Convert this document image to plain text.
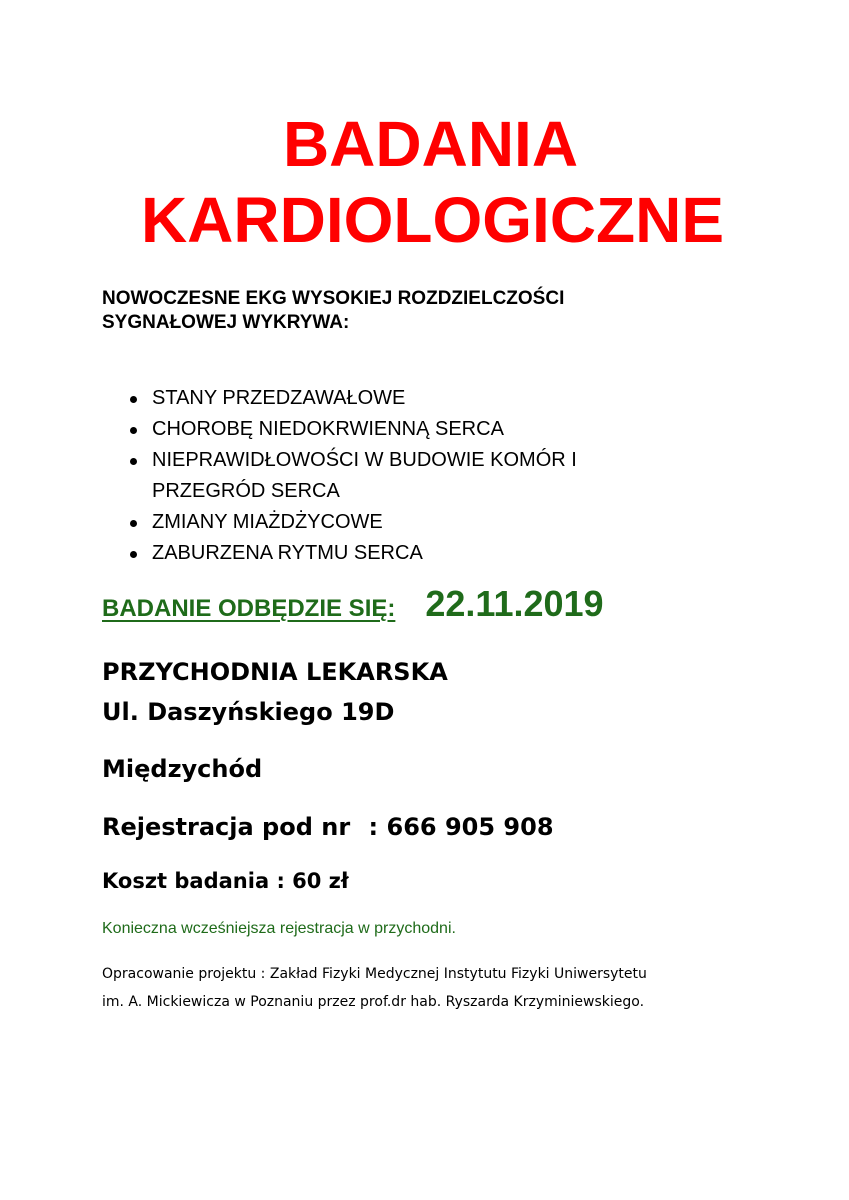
BADANIA
KARDIOLOGICZNE

NOWOCZESNE EKG WYSOKIEJ ROZDZIELCZOŚCI
SYGNAŁOWEJ WYKRYWA:

STANY PRZEDZAWAŁOWE
CHOROBĘ NIEDOKRWIENNĄ SERCA
NIEPRAWIDŁOWOŚCI W BUDOWIE KOMÓR I
PRZEGRÓD SERCA
ZMIANY MIAŻDŻYCOWE
ZABURZENA RYTMU SERCA
BADANIE ODBĘDZIE SIĘ: 22.11.2019

PRZYCHODNIA LEKARSKA

Ul. Daszyńskiego 19D

Międzychód

Rejestracja pod nr : 666 905 908

Koszt badania : 60 zł

Konieczna wcześniejsza rejestracja w przychodni.

Opracowanie projektu : Zakład Fizyki Medycznej Instytutu Fizyki Uniwersytetu
im. A. Mickiewicza w Poznaniu przez prof.dr hab. Ryszarda Krzyminiewskiego.
